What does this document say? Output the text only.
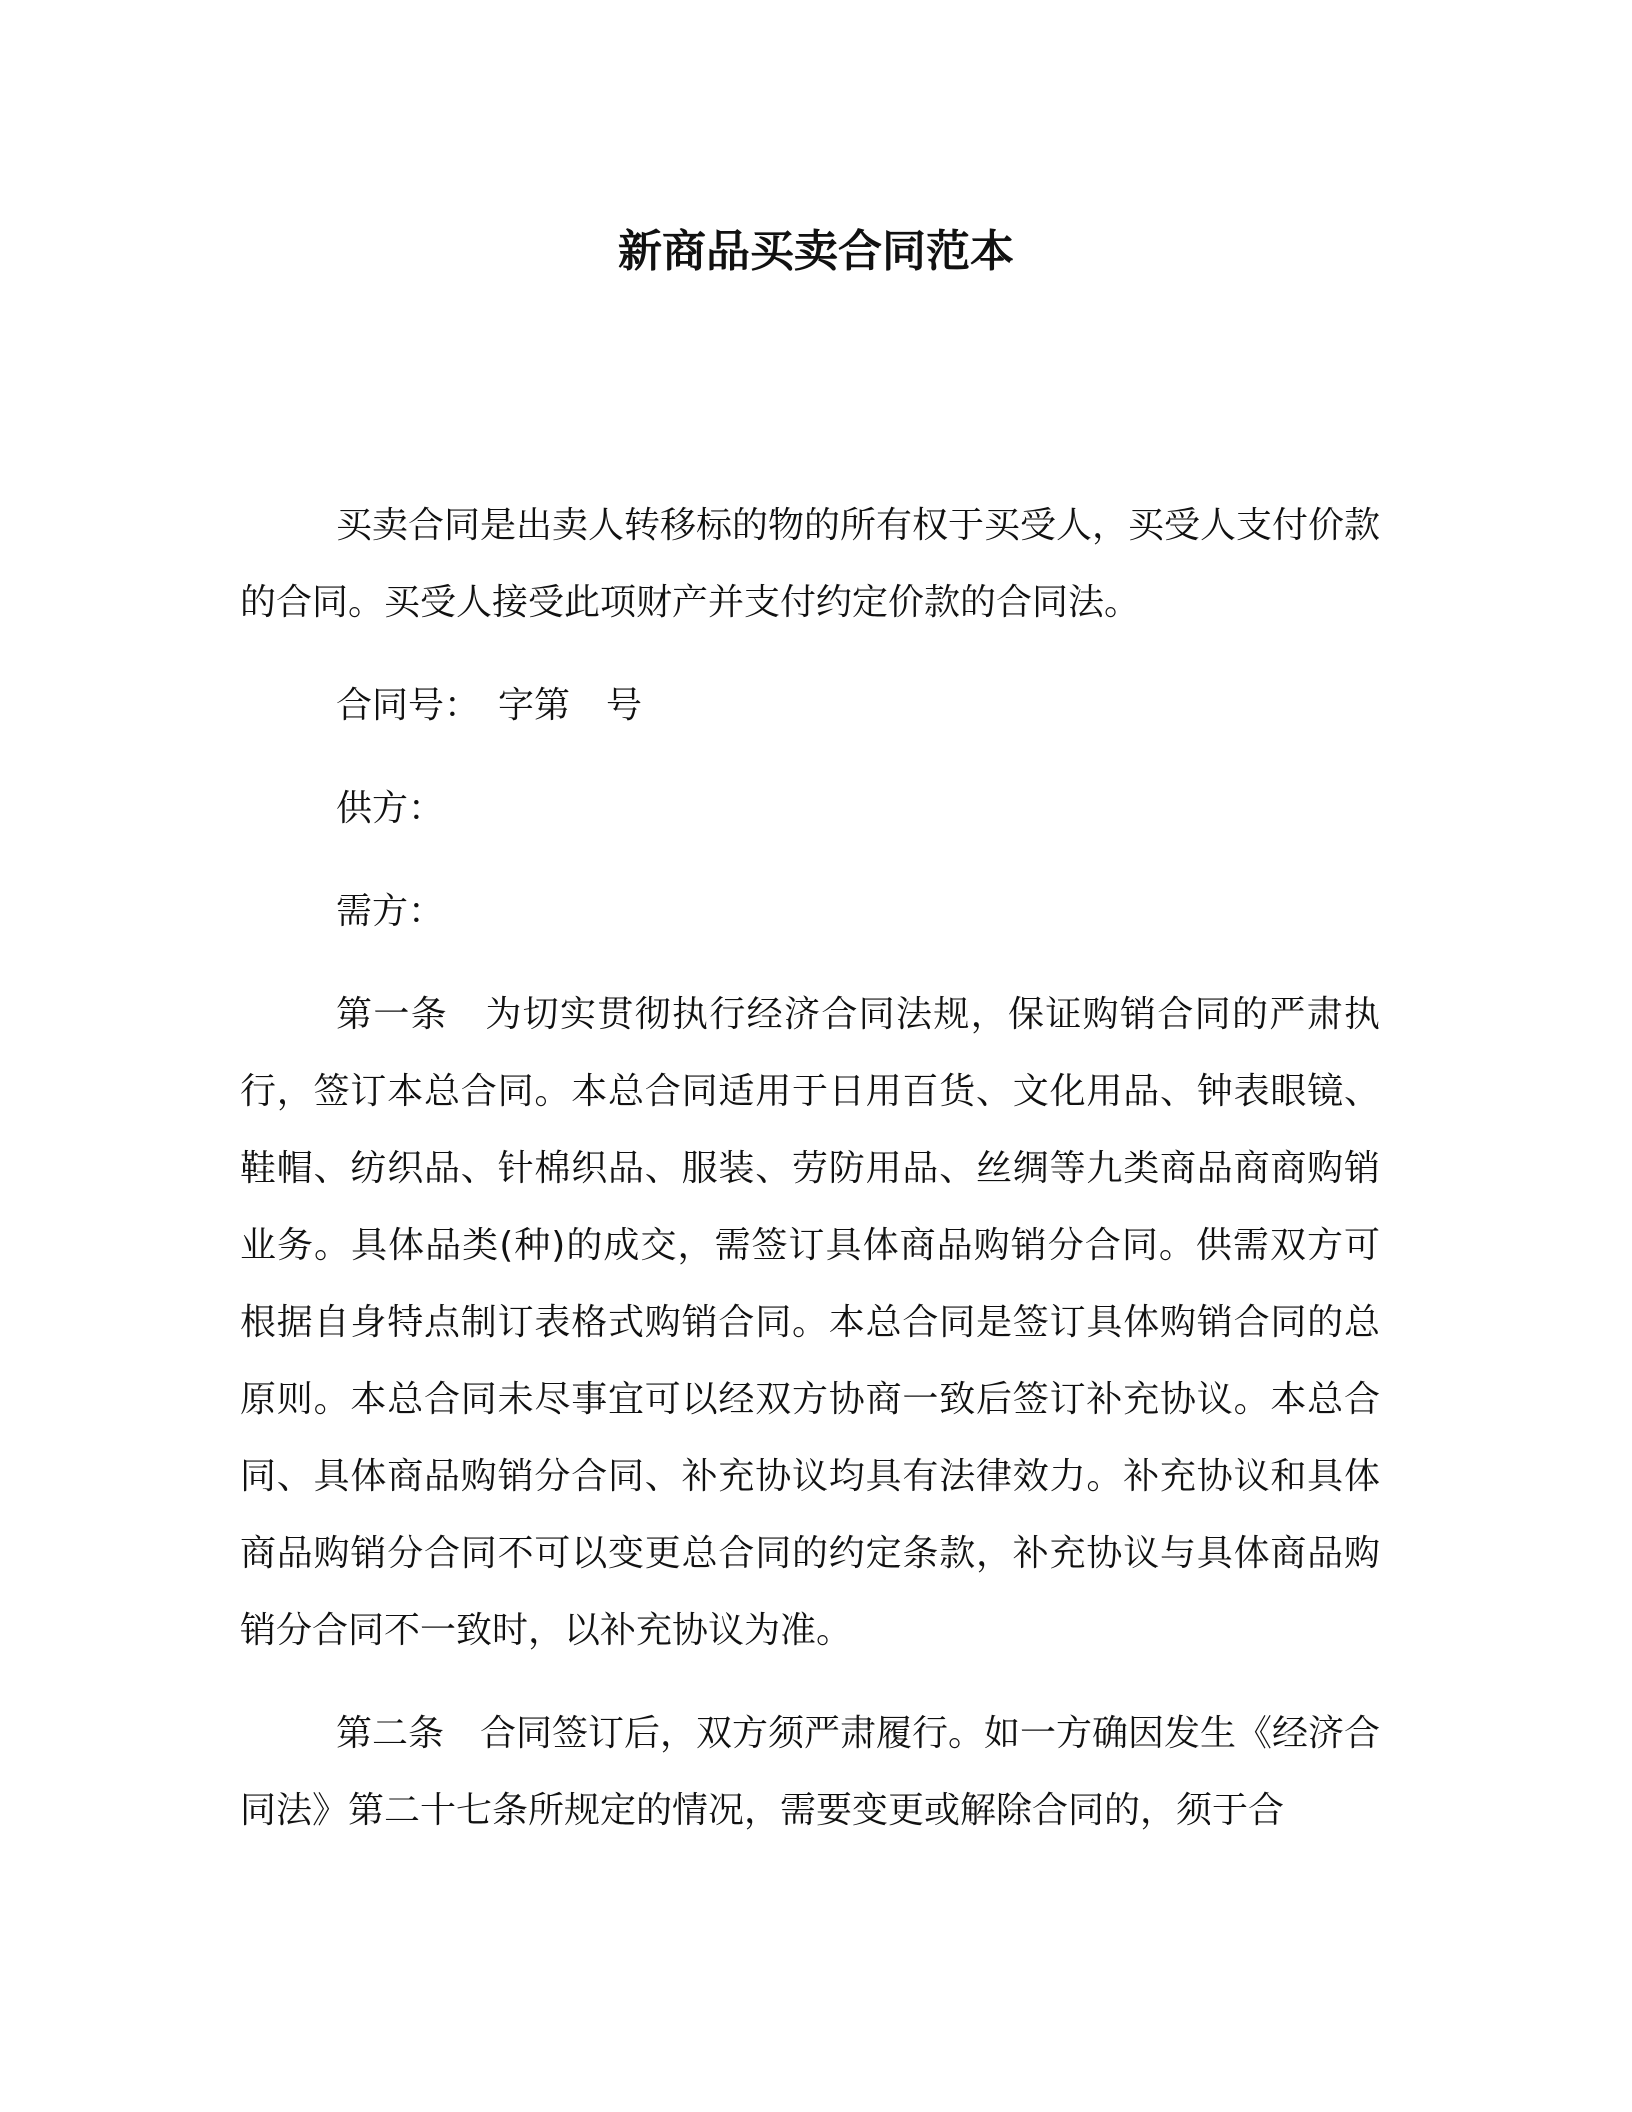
新商品买卖合同范本

买卖合同是出卖人转移标的物的所有权于买受人，买受人支付价款的合同。买受人接受此项财产并支付约定价款的合同法。

合同号：　字第　号

供方：

需方：

第一条　为切实贯彻执行经济合同法规，保证购销合同的严肃执行，签订本总合同。本总合同适用于日用百货、文化用品、钟表眼镜、鞋帽、纺织品、针棉织品、服装、劳防用品、丝绸等九类商品商商购销业务。具体品类(种)的成交，需签订具体商品购销分合同。供需双方可根据自身特点制订表格式购销合同。本总合同是签订具体购销合同的总原则。本总合同未尽事宜可以经双方协商一致后签订补充协议。本总合同、具体商品购销分合同、补充协议均具有法律效力。补充协议和具体商品购销分合同不可以变更总合同的约定条款，补充协议与具体商品购销分合同不一致时，以补充协议为准。

第二条　合同签订后，双方须严肃履行。如一方确因发生《经济合同法》第二十七条所规定的情况，需要变更或解除合同的，须于合
